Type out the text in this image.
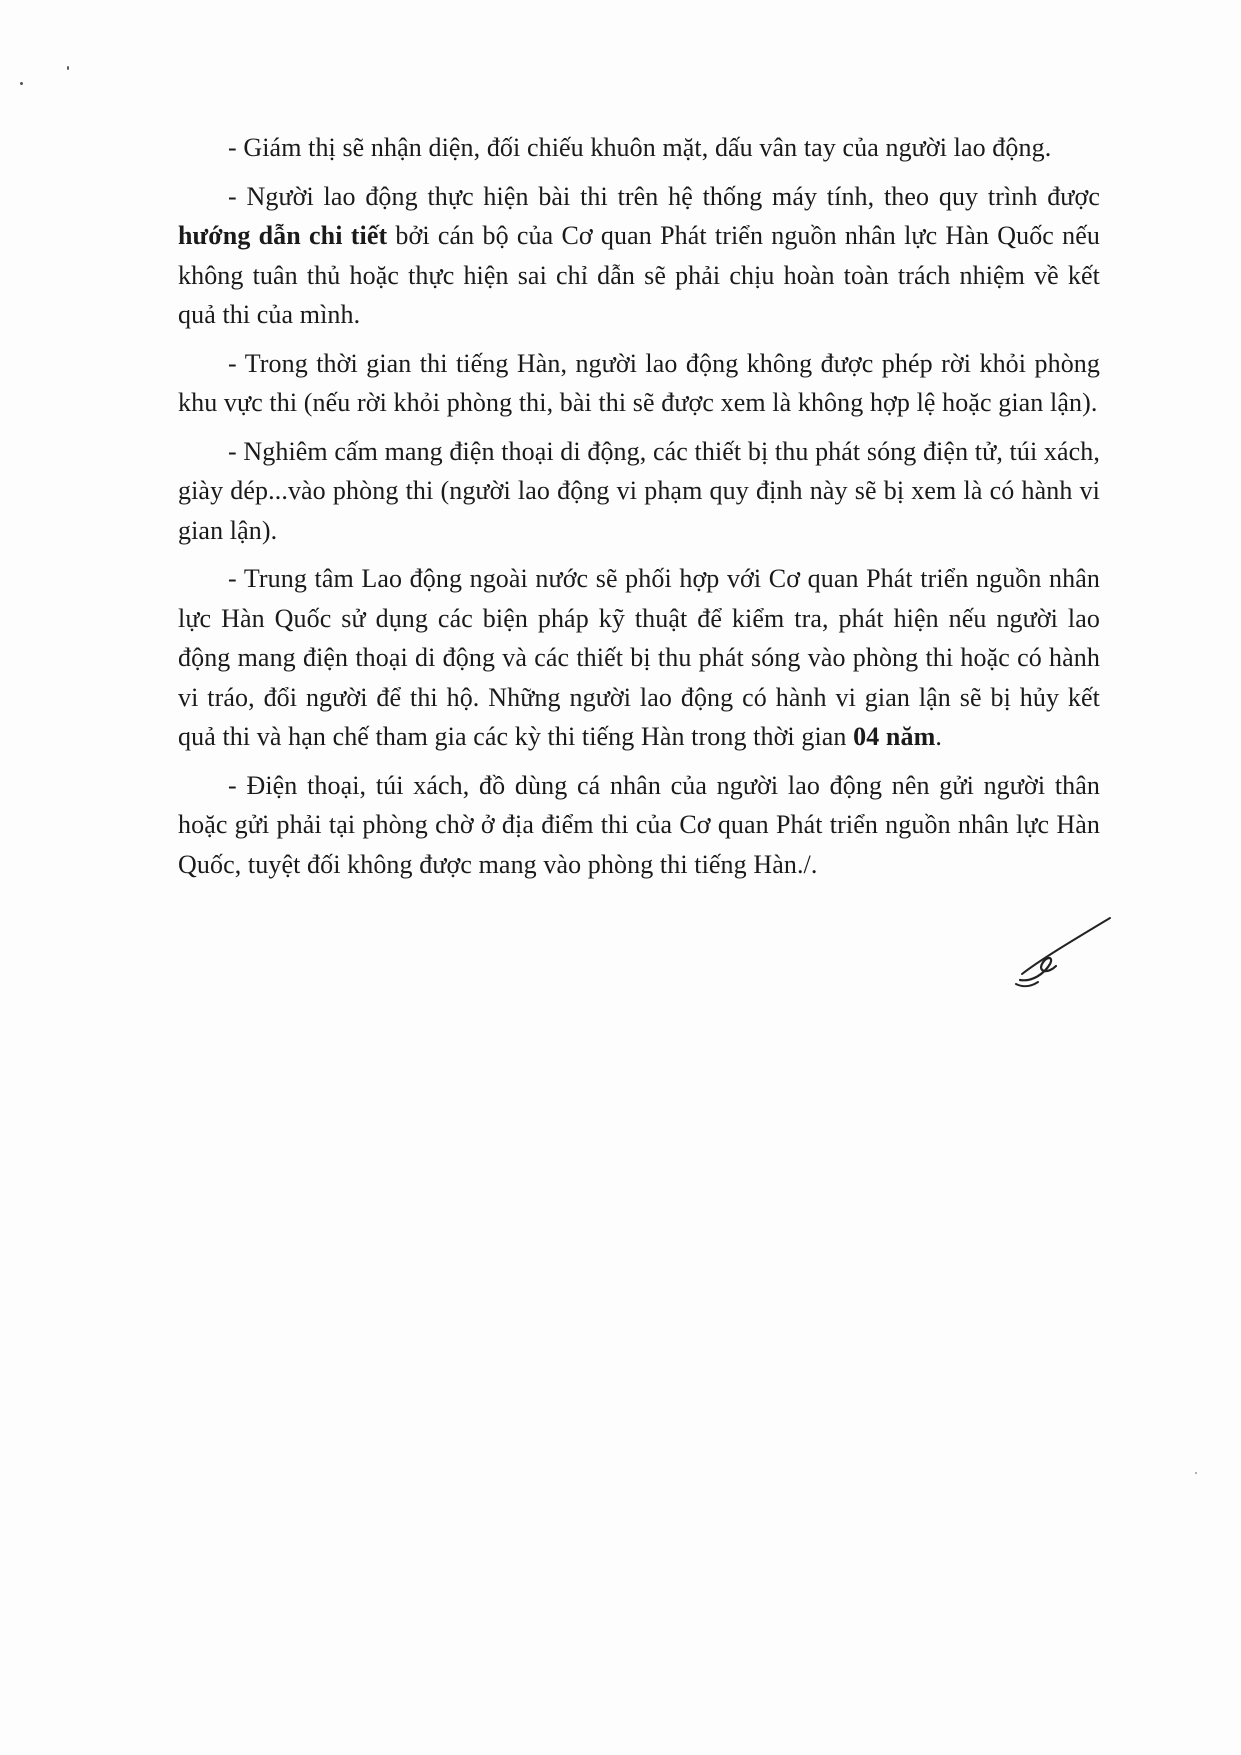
- Giám thị sẽ nhận diện, đối chiếu khuôn mặt, dấu vân tay của người lao động.

- Người lao động thực hiện bài thi trên hệ thống máy tính, theo quy trình được hướng dẫn chi tiết bởi cán bộ của Cơ quan Phát triển nguồn nhân lực Hàn Quốc nếu không tuân thủ hoặc thực hiện sai chỉ dẫn sẽ phải chịu hoàn toàn trách nhiệm về kết quả thi của mình.

- Trong thời gian thi tiếng Hàn, người lao động không được phép rời khỏi phòng khu vực thi (nếu rời khỏi phòng thi, bài thi sẽ được xem là không hợp lệ hoặc gian lận).

- Nghiêm cấm mang điện thoại di động, các thiết bị thu phát sóng điện tử, túi xách, giày dép...vào phòng thi (người lao động vi phạm quy định này sẽ bị xem là có hành vi gian lận).

- Trung tâm Lao động ngoài nước sẽ phối hợp với Cơ quan Phát triển nguồn nhân lực Hàn Quốc sử dụng các biện pháp kỹ thuật để kiểm tra, phát hiện nếu người lao động mang điện thoại di động và các thiết bị thu phát sóng vào phòng thi hoặc có hành vi tráo, đổi người để thi hộ. Những người lao động có hành vi gian lận sẽ bị hủy kết quả thi và hạn chế tham gia các kỳ thi tiếng Hàn trong thời gian 04 năm.

- Điện thoại, túi xách, đồ dùng cá nhân của người lao động nên gửi người thân hoặc gửi phải tại phòng chờ ở địa điểm thi của Cơ quan Phát triển nguồn nhân lực Hàn Quốc, tuyệt đối không được mang vào phòng thi tiếng Hàn./.
